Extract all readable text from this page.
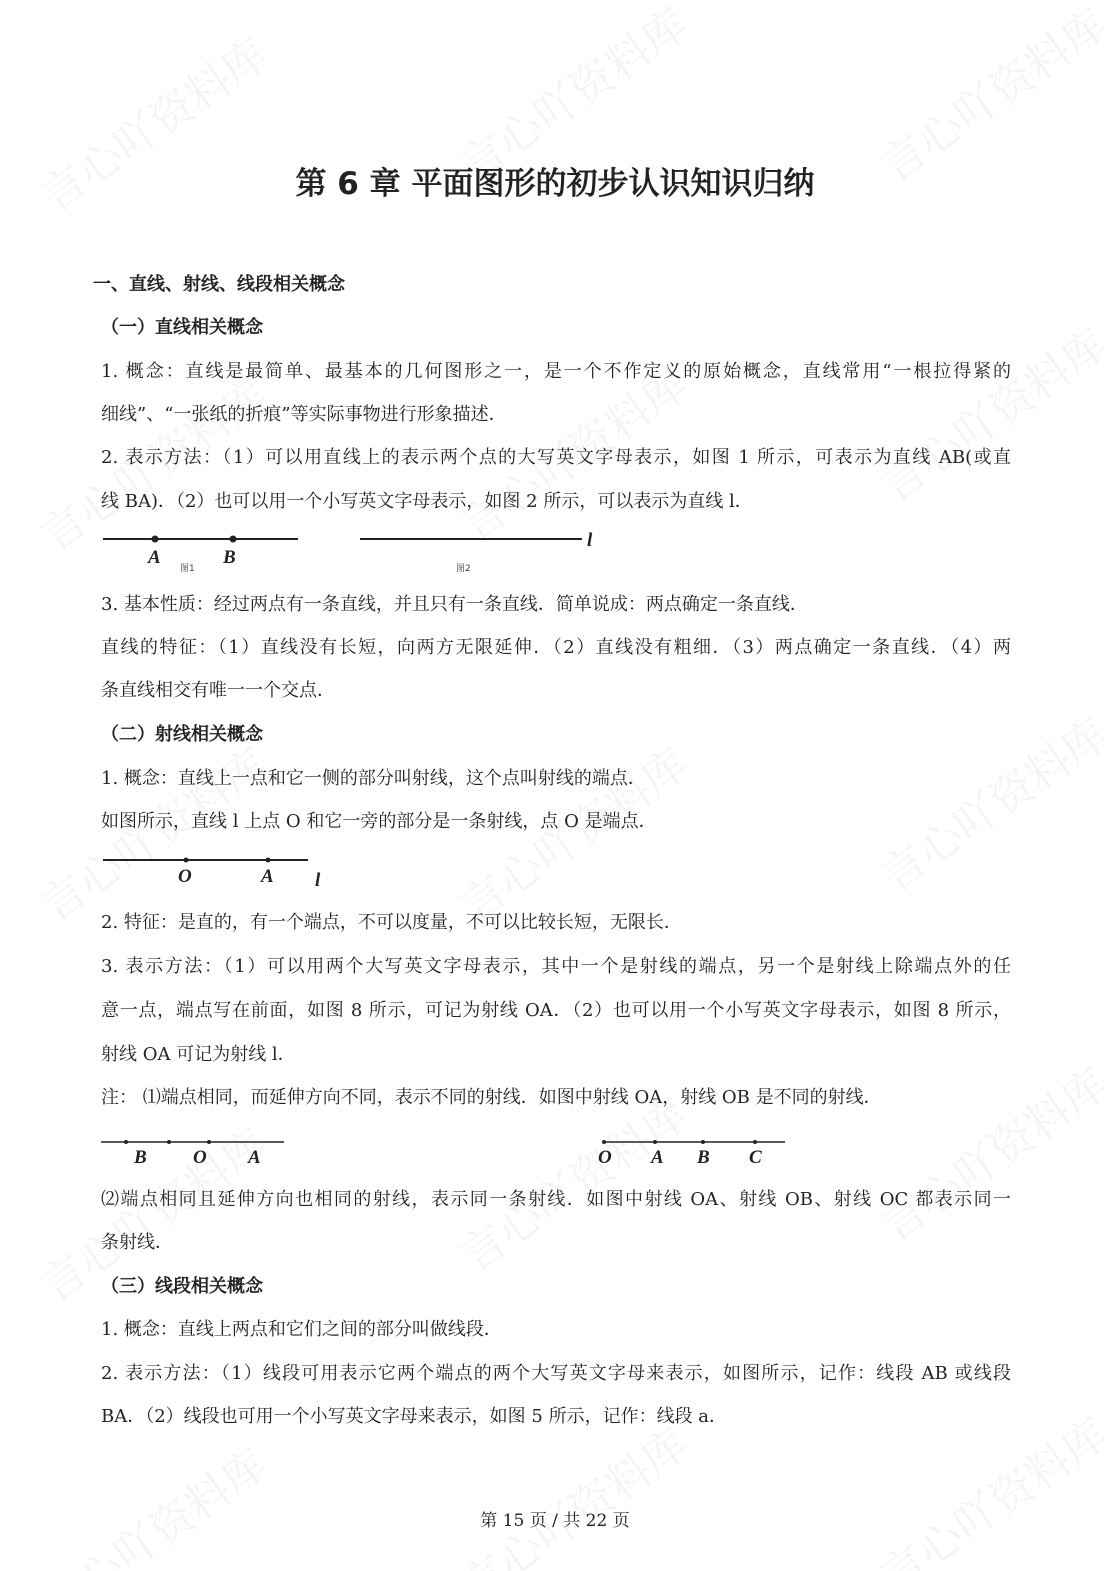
第 6 章 平面图形的初步认识知识归纳
一、直线、射线、线段相关概念
（一）直线相关概念
1. 概念：直线是最简单、最基本的几何图形之一，是一个不作定义的原始概念，直线常用“一根拉得紧的
细线”、“一张纸的折痕”等实际事物进行形象描述．
2. 表示方法：（1）可以用直线上的表示两个点的大写英文字母表示，如图 1 所示，可表示为直线 AB(或直
线 BA)．（2）也可以用一个小写英文字母表示，如图 2 所示，可以表示为直线 l．
3. 基本性质：经过两点有一条直线，并且只有一条直线．简单说成：两点确定一条直线．
直线的特征：（1）直线没有长短，向两方无限延伸．（2）直线没有粗细．（3）两点确定一条直线．（4）两
条直线相交有唯一一个交点．
（二）射线相关概念
1. 概念：直线上一点和它一侧的部分叫射线，这个点叫射线的端点．
如图所示，直线 l 上点 O 和它一旁的部分是一条射线，点 O 是端点．
2. 特征：是直的，有一个端点，不可以度量，不可以比较长短，无限长．
3. 表示方法：（1）可以用两个大写英文字母表示，其中一个是射线的端点，另一个是射线上除端点外的任
意一点，端点写在前面，如图 8 所示，可记为射线 OA．（2）也可以用一个小写英文字母表示，如图 8 所示，
射线 OA 可记为射线 l．
注： ⑴端点相同，而延伸方向不同，表示不同的射线．如图中射线 OA，射线 OB 是不同的射线．
⑵端点相同且延伸方向也相同的射线，表示同一条射线．如图中射线 OA、射线 OB、射线 OC 都表示同一
条射线．
（三）线段相关概念
1. 概念：直线上两点和它们之间的部分叫做线段．
2. 表示方法：（1）线段可用表示它两个端点的两个大写英文字母来表示，如图所示，记作：线段 AB 或线段
BA．（2）线段也可用一个小写英文字母来表示，如图 5 所示，记作：线段 a．
A	B
图1
l
图2
O	A l
B O A	O A B C
第 15 页 / 共 22 页
